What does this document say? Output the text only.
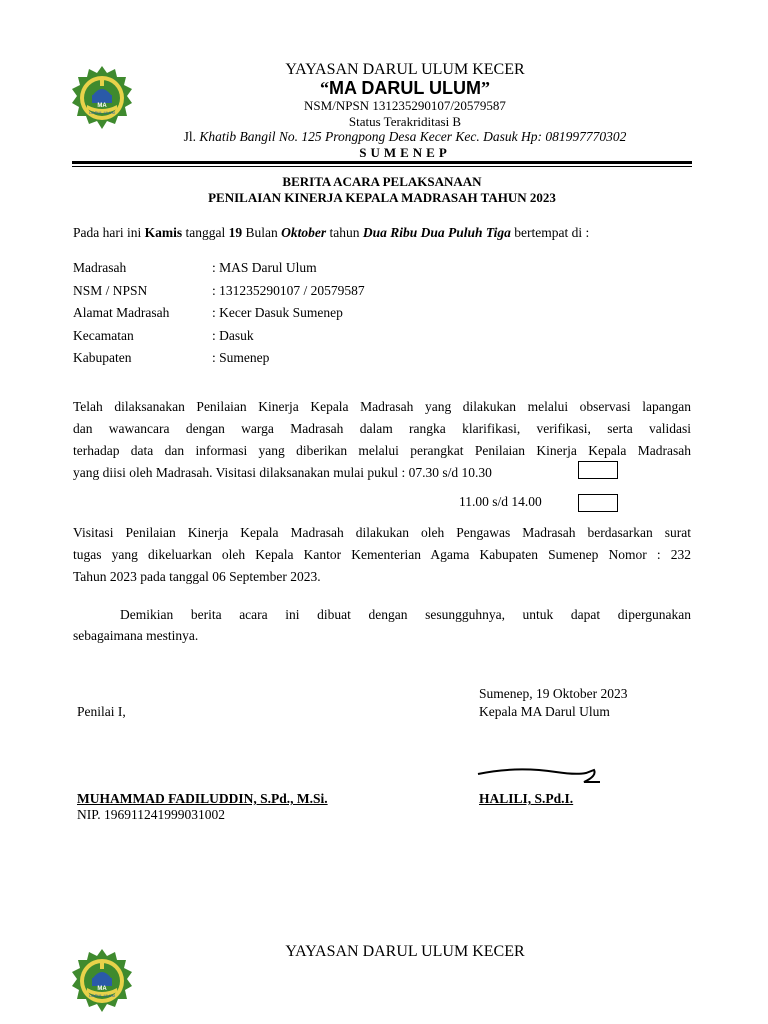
MA
DARUL ULUM
YAYASAN DARUL ULUM KECER
“MA DARUL ULUM”
NSM/NPSN 131235290107/20579587
Status Terakriditasi B
Jl. Khatib Bangil No. 125 Prongpong Desa Kecer Kec. Dasuk Hp: 081997770302
SUMENEP
BERITA ACARA PELAKSANAAN
PENILAIAN KINERJA KEPALA MADRASAH TAHUN 2023
Pada hari ini Kamis tanggal 19 Bulan Oktober tahun Dua Ribu Dua Puluh Tiga bertempat di :
Madrasah	: MAS Darul Ulum
NSM / NPSN	: 131235290107 / 20579587
Alamat Madrasah	: Kecer Dasuk Sumenep
Kecamatan	: Dasuk
Kabupaten	: Sumenep
Telah dilaksanakan Penilaian Kinerja Kepala Madrasah yang dilakukan melalui observasi lapangan
dan wawancara dengan warga Madrasah dalam rangka klarifikasi, verifikasi, serta validasi
terhadap data dan informasi yang diberikan melalui perangkat Penilaian Kinerja Kepala Madrasah
yang diisi oleh Madrasah. Visitasi dilaksanakan mulai pukul : 07.30 s/d 10.30
11.00 s/d 14.00
Visitasi Penilaian Kinerja Kepala Madrasah dilakukan oleh Pengawas Madrasah berdasarkan surat
tugas yang dikeluarkan oleh Kepala Kantor Kementerian Agama Kabupaten Sumenep Nomor : 232
Tahun 2023 pada tanggal 06 September 2023.
Demikian berita acara ini dibuat dengan sesungguhnya, untuk dapat dipergunakan
sebagaimana mestinya.
Sumenep, 19 Oktober 2023
Penilai I,	Kepala MA Darul Ulum
MUHAMMAD FADILUDDIN, S.Pd., M.Si.
NIP. 196911241999031002
HALILI, S.Pd.I.
MA
DARUL ULUM
YAYASAN DARUL ULUM KECER
